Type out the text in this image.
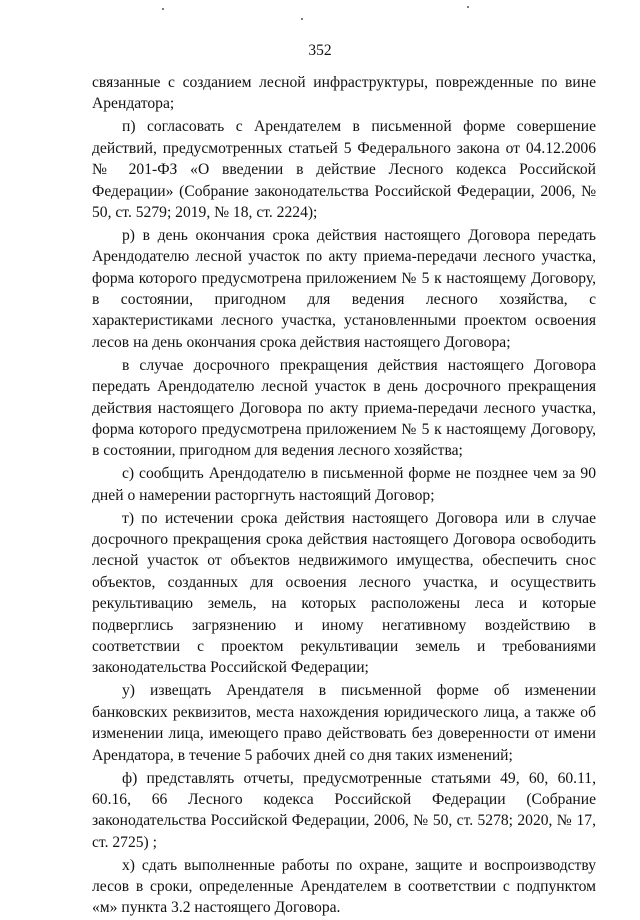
352

связанные с созданием лесной инфраструктуры, поврежденные по вине Арендатора;

п) согласовать с Арендателем в письменной форме совершение действий, предусмотренных статьей 5 Федерального закона от 04.12.2006 № 201-ФЗ «О введении в действие Лесного кодекса Российской Федерации» (Собрание законодательства Российской Федерации, 2006, № 50, ст. 5279; 2019, № 18, ст. 2224);

р) в день окончания срока действия настоящего Договора передать Арендодателю лесной участок по акту приема-передачи лесного участка, форма которого предусмотрена приложением № 5 к настоящему Договору, в состоянии, пригодном для ведения лесного хозяйства, с характеристиками лесного участка, установленными проектом освоения лесов на день окончания срока действия настоящего Договора;

в случае досрочного прекращения действия настоящего Договора передать Арендодателю лесной участок в день досрочного прекращения действия настоящего Договора по акту приема-передачи лесного участка, форма которого предусмотрена приложением № 5 к настоящему Договору, в состоянии, пригодном для ведения лесного хозяйства;

с) сообщить Арендодателю в письменной форме не позднее чем за 90 дней о намерении расторгнуть настоящий Договор;

т) по истечении срока действия настоящего Договора или в случае досрочного прекращения срока действия настоящего Договора освободить лесной участок от объектов недвижимого имущества, обеспечить снос объектов, созданных для освоения лесного участка, и осуществить рекультивацию земель, на которых расположены леса и которые подверглись загрязнению и иному негативному воздействию в соответствии с проектом рекультивации земель и требованиями законодательства Российской Федерации;

у) извещать Арендателя в письменной форме об изменении банковских реквизитов, места нахождения юридического лица, а также об изменении лица, имеющего право действовать без доверенности от имени Арендатора, в течение 5 рабочих дней со дня таких изменений;

ф) представлять отчеты, предусмотренные статьями 49, 60, 60.11, 60.16, 66 Лесного кодекса Российской Федерации (Собрание законодательства Российской Федерации, 2006, № 50, ст. 5278; 2020, № 17, ст. 2725) ;

х) сдать выполненные работы по охране, защите и воспроизводству лесов в сроки, определенные Арендателем в соответствии с подпунктом «м» пункта 3.2 настоящего Договора.
